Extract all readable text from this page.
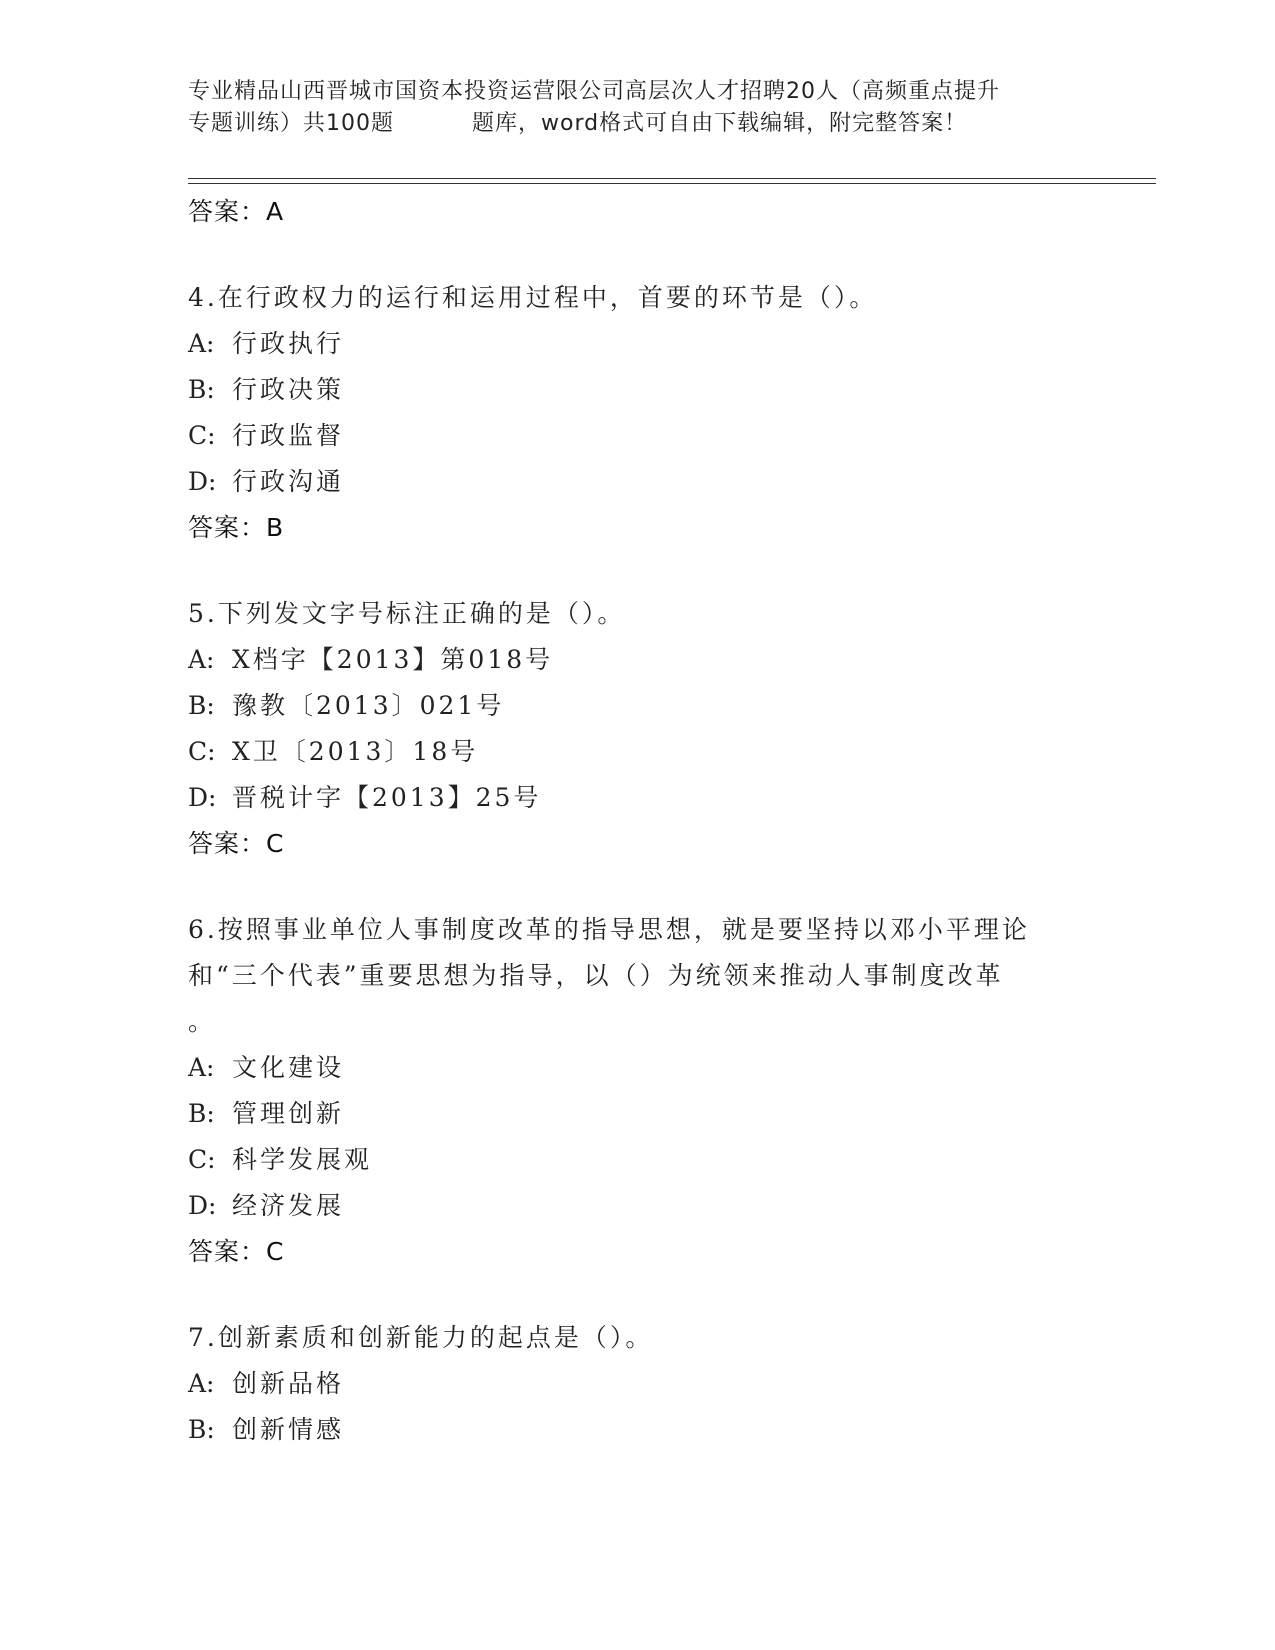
专业精品山西晋城市国资本投资运营限公司高层次人才招聘20人（高频重点提升
专题训练）共100题	题库，word格式可自由下载编辑，附完整答案！
答案：A
4.在行政权力的运行和运用过程中，首要的环节是（）。
A: 行政执行
B: 行政决策
C: 行政监督
D: 行政沟通
答案：B
5.下列发文字号标注正确的是（）。
A: X档字【2013】第018号
B: 豫教〔2013〕021号
C: X卫〔2013〕18号
D: 晋税计字【2013】25号
答案：C
6.按照事业单位人事制度改革的指导思想，就是要坚持以邓小平理论
和“三个代表”重要思想为指导，以（）为统领来推动人事制度改革
。
A: 文化建设
B: 管理创新
C: 科学发展观
D: 经济发展
答案：C
7.创新素质和创新能力的起点是（）。
A: 创新品格
B: 创新情感
